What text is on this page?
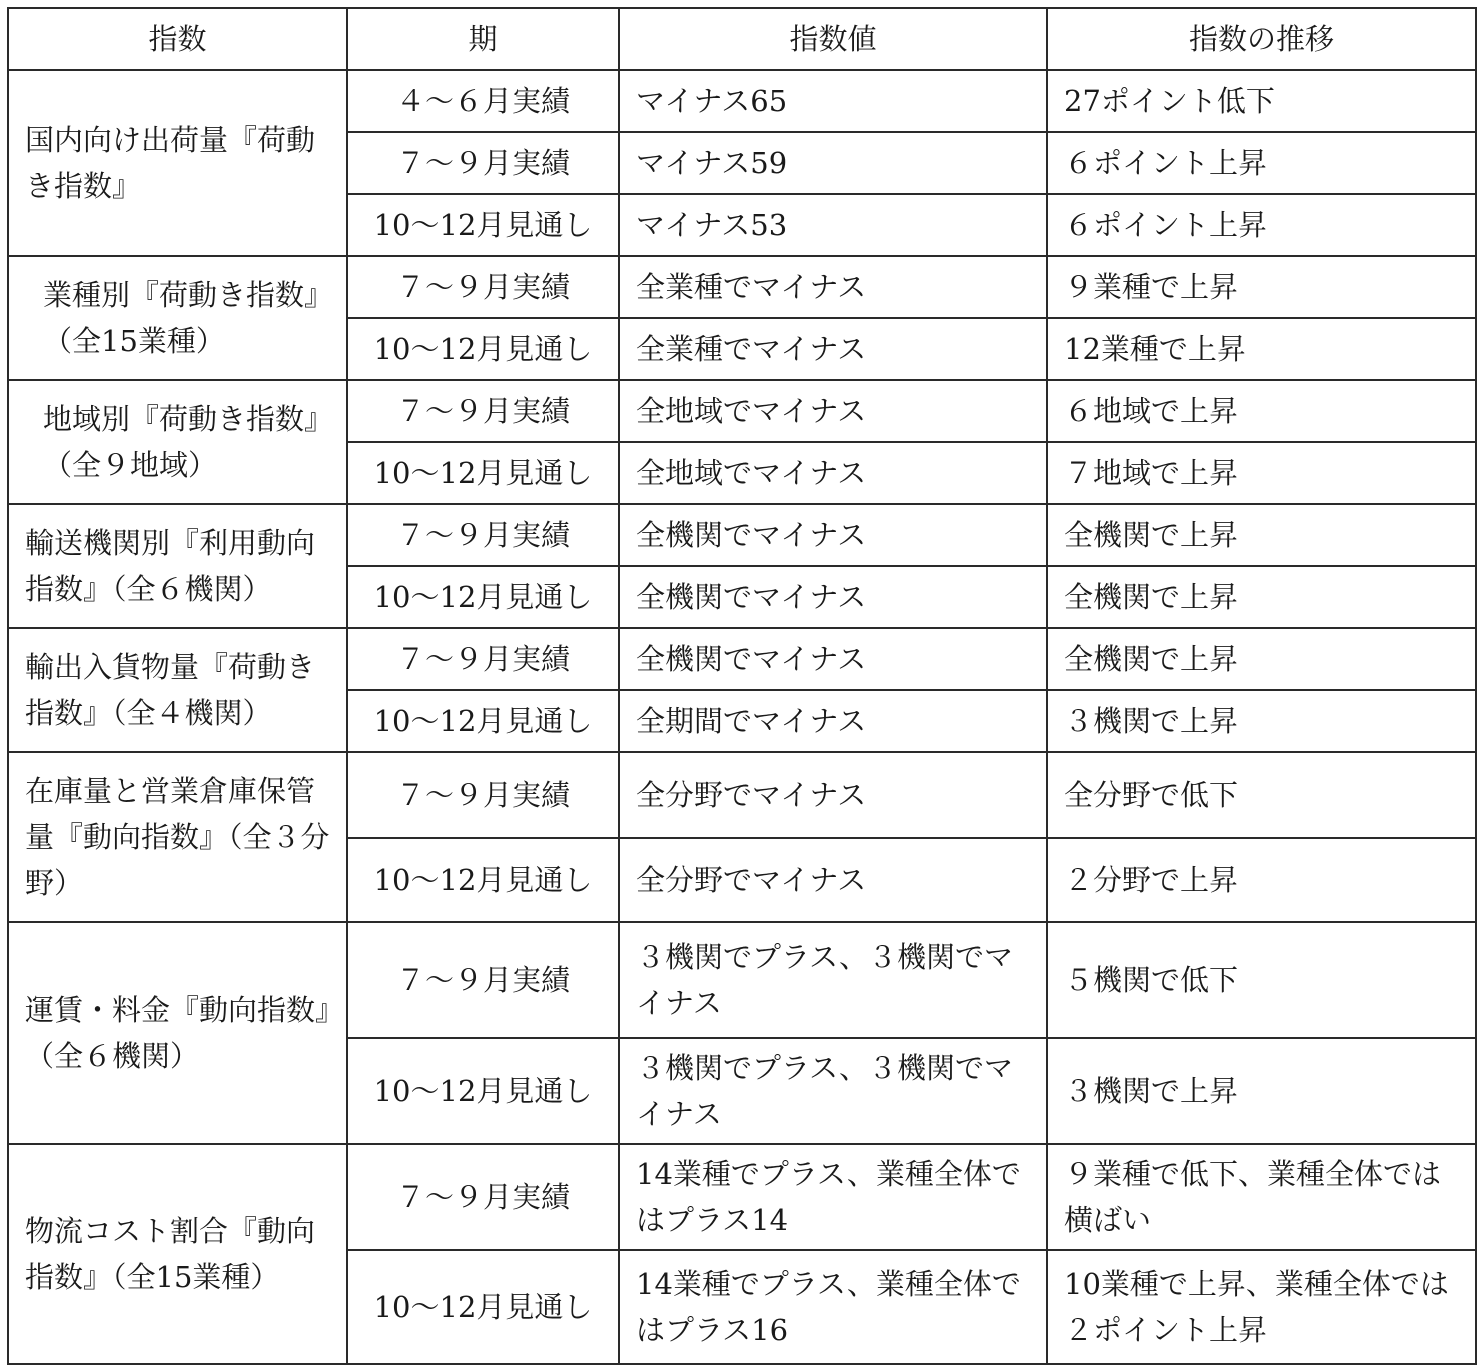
指数	期	指数値	指数の推移
国内向け出荷量『荷動き指数』	４～６月実績	マイナス65	27ポイント低下
	７～９月実績	マイナス59	６ポイント上昇
	10～12月見通し	マイナス53	６ポイント上昇
業種別『荷動き指数』（全15業種）	７～９月実績	全業種でマイナス	９業種で上昇
	10～12月見通し	全業種でマイナス	12業種で上昇
地域別『荷動き指数』（全９地域）	７～９月実績	全地域でマイナス	６地域で上昇
	10～12月見通し	全地域でマイナス	７地域で上昇
輸送機関別『利用動向指数』（全６機関）	７～９月実績	全機関でマイナス	全機関で上昇
	10～12月見通し	全機関でマイナス	全機関で上昇
輸出入貨物量『荷動き指数』（全４機関）	７～９月実績	全機関でマイナス	全機関で上昇
	10～12月見通し	全期間でマイナス	３機関で上昇
在庫量と営業倉庫保管量『動向指数』（全３分野）	７～９月実績	全分野でマイナス	全分野で低下
	10～12月見通し	全分野でマイナス	２分野で上昇
運賃・料金『動向指数』（全６機関）	７～９月実績	３機関でプラス、３機関でマイナス	５機関で低下
	10～12月見通し	３機関でプラス、３機関でマイナス	３機関で上昇
物流コスト割合『動向指数』（全15業種）	７～９月実績	14業種でプラス、業種全体ではプラス14	９業種で低下、業種全体では横ばい
	10～12月見通し	14業種でプラス、業種全体ではプラス16	10業種で上昇、業種全体では２ポイント上昇
